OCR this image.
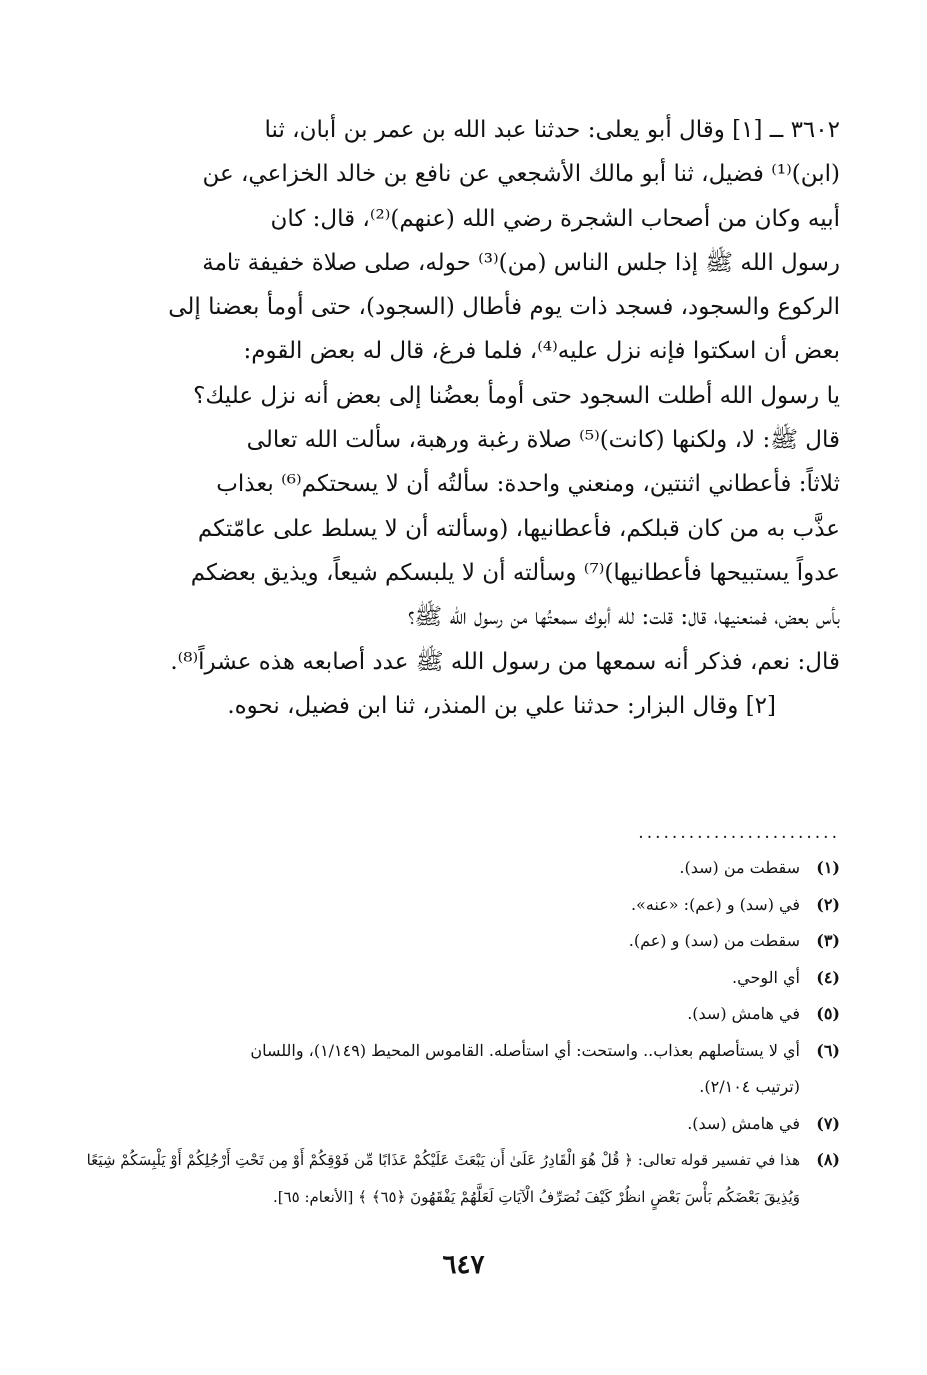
٣٦٠٢ ــ [١] وقال أبو يعلى: حدثنا عبد الله بن عمر بن أبان، ثنا
(ابن)⁽¹⁾ فضيل، ثنا أبو مالك الأشجعي عن نافع بن خالد الخزاعي، عن
أبيه وكان من أصحاب الشجرة رضي الله (عنهم)⁽²⁾، قال: كان
رسول الله ﷺ إذا جلس الناس (من)⁽³⁾ حوله، صلى صلاة خفيفة تامة
الركوع والسجود، فسجد ذات يوم فأطال (السجود)، حتى أومأ بعضنا إلى
بعض أن اسكتوا فإنه نزل عليه⁽⁴⁾، فلما فرغ، قال له بعض القوم:
يا رسول الله أطلت السجود حتى أومأ بعضُنا إلى بعض أنه نزل عليك؟
قال ﷺ: لا، ولكنها (كانت)⁽⁵⁾ صلاة رغبة ورهبة، سألت الله تعالى
ثلاثاً: فأعطاني اثنتين، ومنعني واحدة: سألتُه أن لا يسحتكم⁽⁶⁾ بعذاب
عذَّب به من كان قبلكم، فأعطانيها، (وسألته أن لا يسلط على عامّتكم
عدواً يستبيحها فأعطانيها)⁽⁷⁾ وسألته أن لا يلبسكم شيعاً، ويذيق بعضكم
بأس بعض، فمنعنيها، قال: قلت: لله أبوك سمعتُها من رسول الله ﷺ؟
قال: نعم، فذكر أنه سمعها من رسول الله ﷺ عدد أصابعه هذه عشراً⁽⁸⁾.
[٢] وقال البزار: حدثنا علي بن المنذر، ثنا ابن فضيل، نحوه.
........................
(١)
سقطت من (سد).
(٢)
في (سد) و (عم): «عنه».
(٣)
سقطت من (سد) و (عم).
(٤)
أي الوحي.
(٥)
في هامش (سد).
(٦)
أي لا يستأصلهم بعذاب.. واستحت: أي استأصله. القاموس المحيط (١/١٤٩)، واللسان
(ترتيب ٢/١٠٤).
(٧)
في هامش (سد).
(٨)
هذا في تفسير قوله تعالى: ﴿ قُلْ هُوَ الْقَادِرُ عَلَىٰ أَن يَبْعَثَ عَلَيْكُمْ عَذَابًا مِّن فَوْقِكُمْ أَوْ مِن تَحْتِ أَرْجُلِكُمْ أَوْ يَلْبِسَكُمْ شِيَعًا
وَيُذِيقَ بَعْضَكُم بَأْسَ بَعْضٍ انظُرْ كَيْفَ نُصَرِّفُ الْآيَاتِ لَعَلَّهُمْ يَفْقَهُونَ ﴿٦٥﴾ ﴾ [الأنعام: ٦٥].
٦٤٧
